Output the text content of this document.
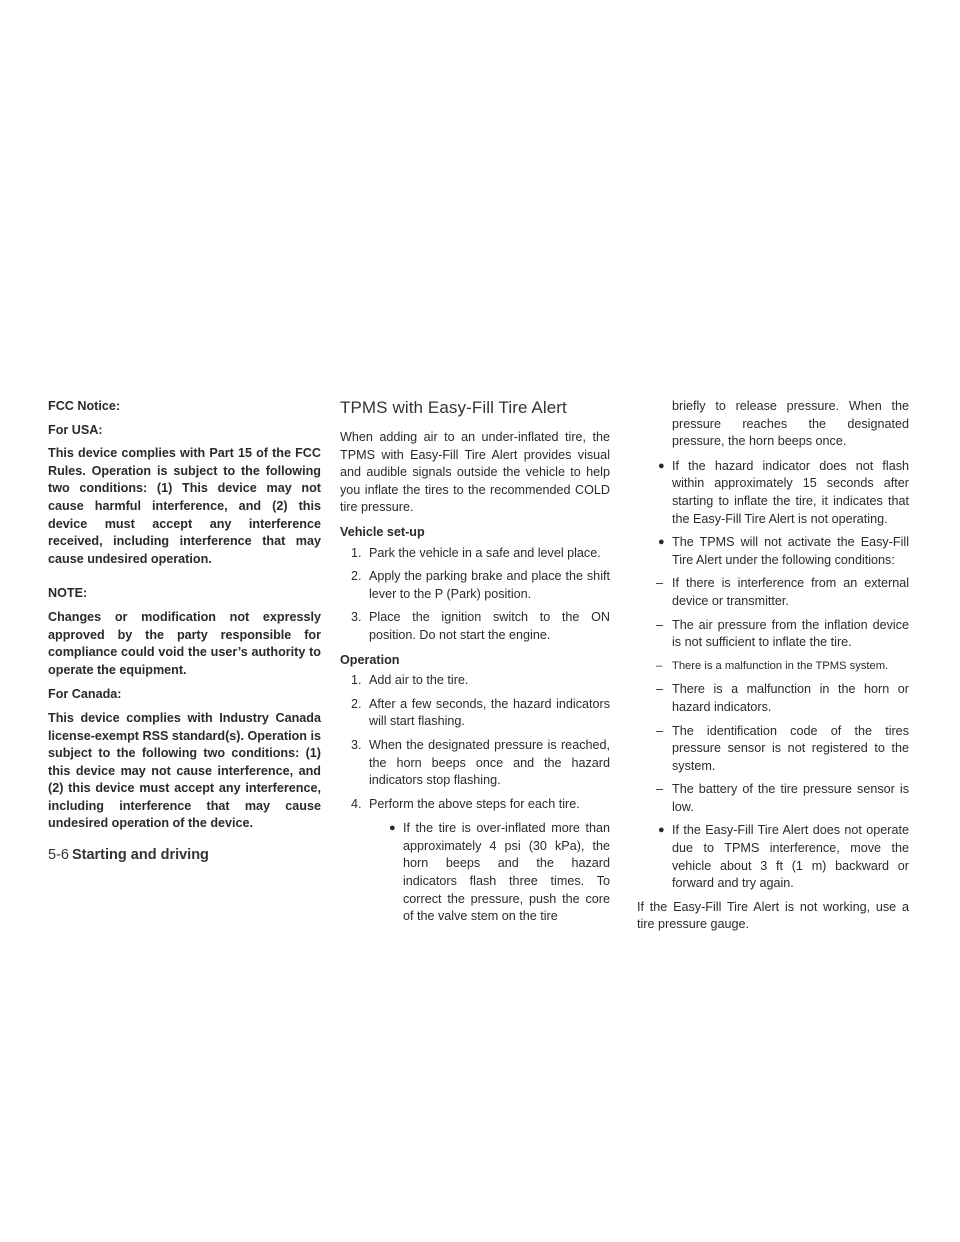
FCC Notice:
For USA:
This device complies with Part 15 of the FCC Rules. Operation is subject to the following two conditions: (1) This device may not cause harmful interference, and (2) this device must accept any interference received, including interference that may cause undesired operation.
NOTE:
Changes or modification not expressly approved by the party responsible for compliance could void the user’s authority to operate the equipment.
For Canada:
This device complies with Industry Canada license-exempt RSS standard(s). Operation is subject to the following two conditions: (1) this device may not cause interference, and (2) this device must accept any interference, including interference that may cause undesired operation of the device.
TPMS with Easy-Fill Tire Alert

When adding air to an under-inflated tire, the TPMS with Easy-Fill Tire Alert provides visual and audible signals outside the vehicle to help you inflate the tires to the recommended COLD tire pressure.

Vehicle set-up
1. Park the vehicle in a safe and level place.
2. Apply the parking brake and place the shift lever to the P (Park) position.
3. Place the ignition switch to the ON position. Do not start the engine.
Operation
1. Add air to the tire.
2. After a few seconds, the hazard indicators will start flashing.
3. When the designated pressure is reached, the horn beeps once and the hazard indicators stop flashing.
4. Perform the above steps for each tire.
● If the tire is over-inflated more than approximately 4 psi (30 kPa), the horn beeps and the hazard indicators flash three times. To correct the pressure, push the core of the valve stem on the tire
briefly to release pressure. When the pressure reaches the designated pressure, the horn beeps once.
● If the hazard indicator does not flash within approximately 15 seconds after starting to inflate the tire, it indicates that the Easy-Fill Tire Alert is not operating.
● The TPMS will not activate the Easy-Fill Tire Alert under the following conditions:
– If there is interference from an external device or transmitter.
– The air pressure from the inflation device is not sufficient to inflate the tire.
– There is a malfunction in the TPMS system.
– There is a malfunction in the horn or hazard indicators.
– The identification code of the tires pressure sensor is not registered to the system.
– The battery of the tire pressure sensor is low.
● If the Easy-Fill Tire Alert does not operate due to TPMS interference, move the vehicle about 3 ft (1 m) backward or forward and try again.

If the Easy-Fill Tire Alert is not working, use a tire pressure gauge.

5-6 Starting and driving
